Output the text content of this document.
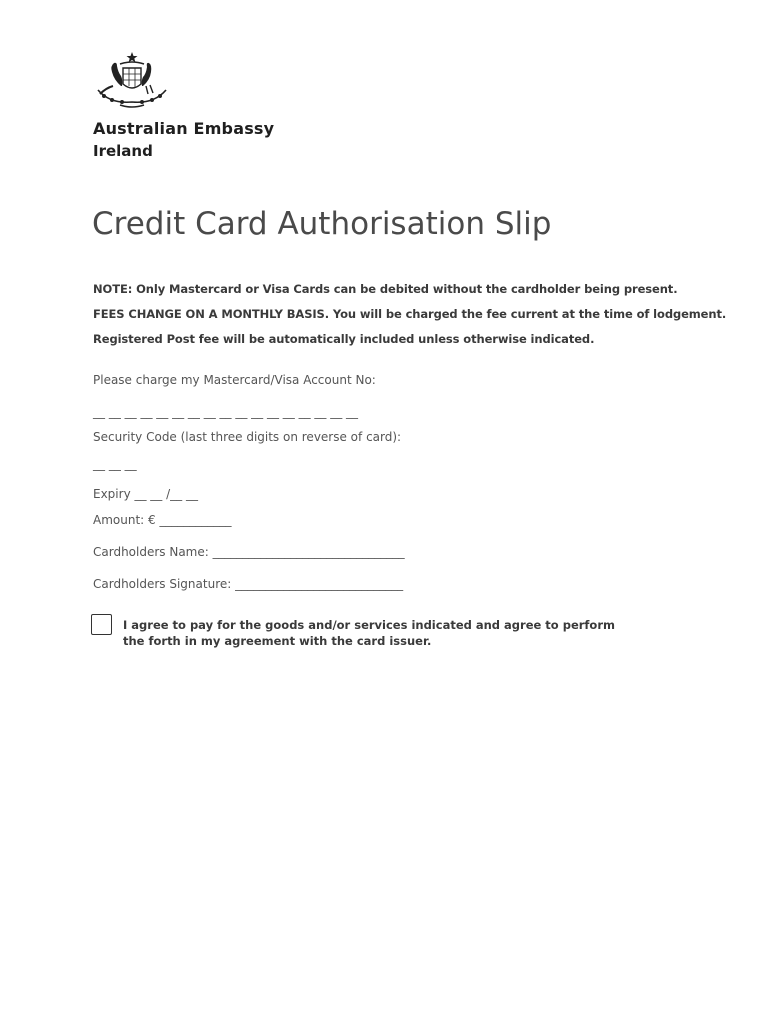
Australian Embassy
Ireland
Credit Card Authorisation Slip
NOTE: Only Mastercard or Visa Cards can be debited without the cardholder being present.
FEES CHANGE ON A MONTHLY BASIS. You will be charged the fee current at the time of lodgement.
Registered Post fee will be automatically included unless otherwise indicated.
Please charge my Mastercard/Visa Account No:
__ __ __ __ __ __ __ __ __ __ __ __ __ __ __ __ __
Security Code (last three digits on reverse of card):
__ __ __
Expiry __ __ /__ __
Amount: € ____________
Cardholders Name: ________________________________
Cardholders Signature: ____________________________
I agree to pay for the goods and/or services indicated and agree to perform the forth in my agreement with the card issuer.
